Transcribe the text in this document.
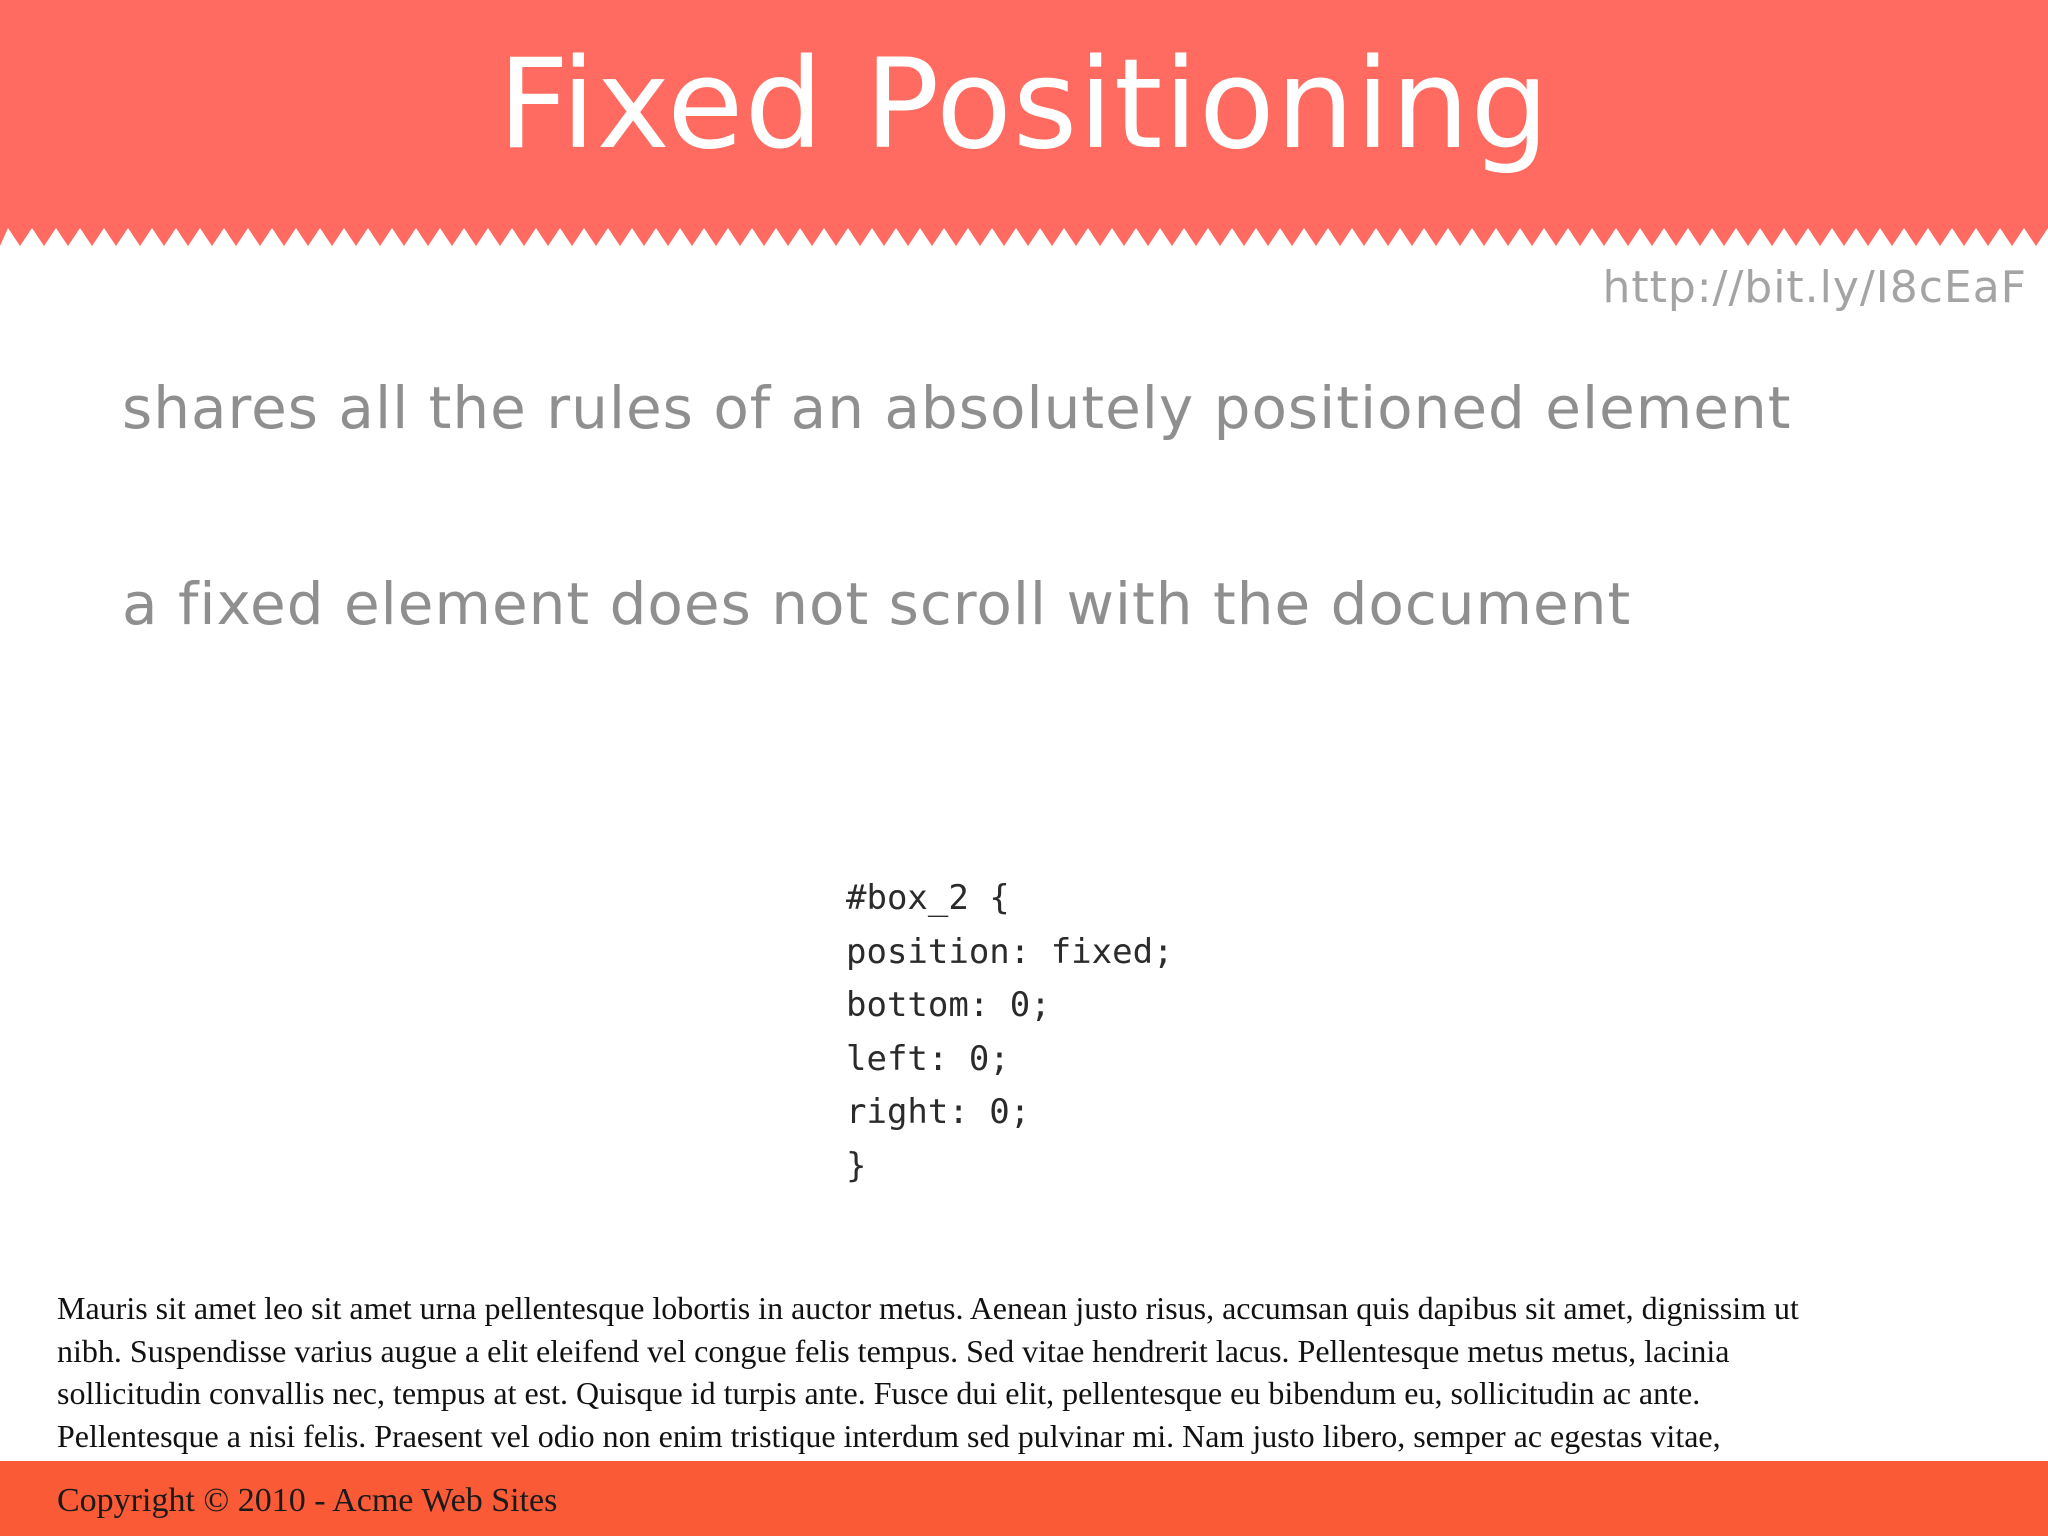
Fixed Positioning
http://bit.ly/I8cEaF
shares all the rules of an absolutely positioned element
a fixed element does not scroll with the document
#box_2 {
position: fixed;
bottom: 0;
left: 0;
right: 0;
}
Mauris sit amet leo sit amet urna pellentesque lobortis in auctor metus. Aenean justo risus, accumsan quis dapibus sit amet, dignissim ut
nibh. Suspendisse varius augue a elit eleifend vel congue felis tempus. Sed vitae hendrerit lacus. Pellentesque metus metus, lacinia
sollicitudin convallis nec, tempus at est. Quisque id turpis ante. Fusce dui elit, pellentesque eu bibendum eu, sollicitudin ac ante.
Pellentesque a nisi felis. Praesent vel odio non enim tristique interdum sed pulvinar mi. Nam justo libero, semper ac egestas vitae,
Copyright © 2010 - Acme Web Sites
